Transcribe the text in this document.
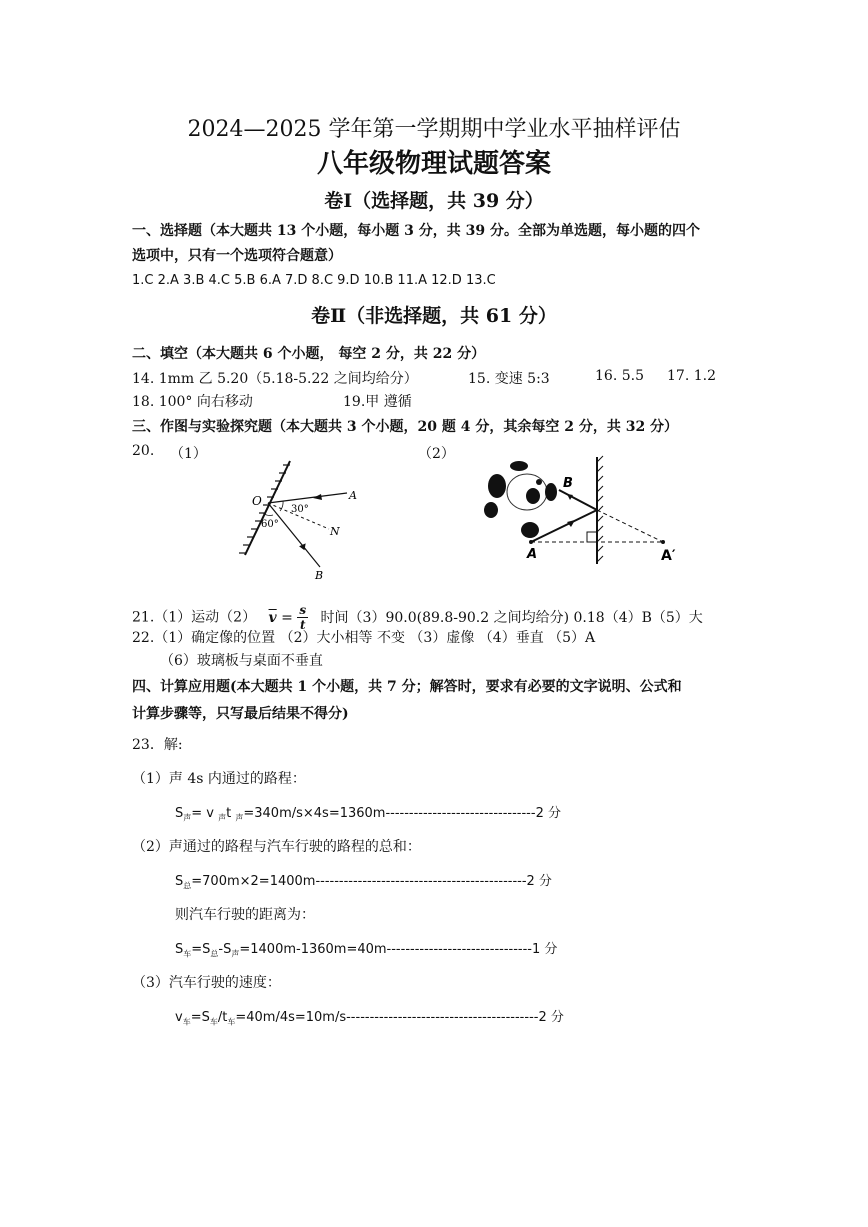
2024—2025 学年第一学期期中学业水平抽样评估
八年级物理试题答案
卷Ⅰ（选择题，共 39 分）
一、选择题（本大题共 13 个小题，每小题 3 分，共 39 分。全部为单选题，每小题的四个
选项中，只有一个选项符合题意）
1.C 2.A 3.B 4.C 5.B 6.A 7.D 8.C 9.D 10.B 11.A 12.D 13.C
卷Ⅱ（非选择题，共 61 分）
二、填空（本大题共 6 个小题， 每空 2 分，共 22 分）
14. 1mm 乙 5.20（5.18-5.22 之间均给分）	15. 变速 5:3	16. 5.5 17. 1.2
18. 100° 向右移动	19.甲 遵循
三、作图与实验探究题（本大题共 3 个小题，20 题 4 分，其余每空 2 分，共 32 分）
20. （1）	（2）
O	A
N
B
30°
60°
A
B
A′
21.（1）运动（2） $\overline{v} = \frac{s}{t}$ 时间（3）90.0(89.8-90.2 之间均给分) 0.18（4）B（5）大
22.（1）确定像的位置 （2）大小相等 不变 （3）虚像 （4）垂直 （5）A
（6）玻璃板与桌面不垂直
四、计算应用题(本大题共 1 个小题，共 7 分；解答时，要求有必要的文字说明、公式和
计算步骤等，只写最后结果不得分)
23．解:
（1）声 4s 内通过的路程：
$S_声= v$ $_声$t $_声$=340m/s×4s=1360m--------------------------------2 分
（2）声通过的路程与汽车行驶的路程的总和：
$S_总=700m\times 2=1400m---------------------------------------------2$ 分
则汽车行驶的距离为：
$S_车=S_总-S_声=1400m-1360m=40m-------------------------------1$ 分
（3）汽车行驶的速度：
$v_车=S_车/t_车=40m/4s=10m/s-----------------------------------------2$ 分
